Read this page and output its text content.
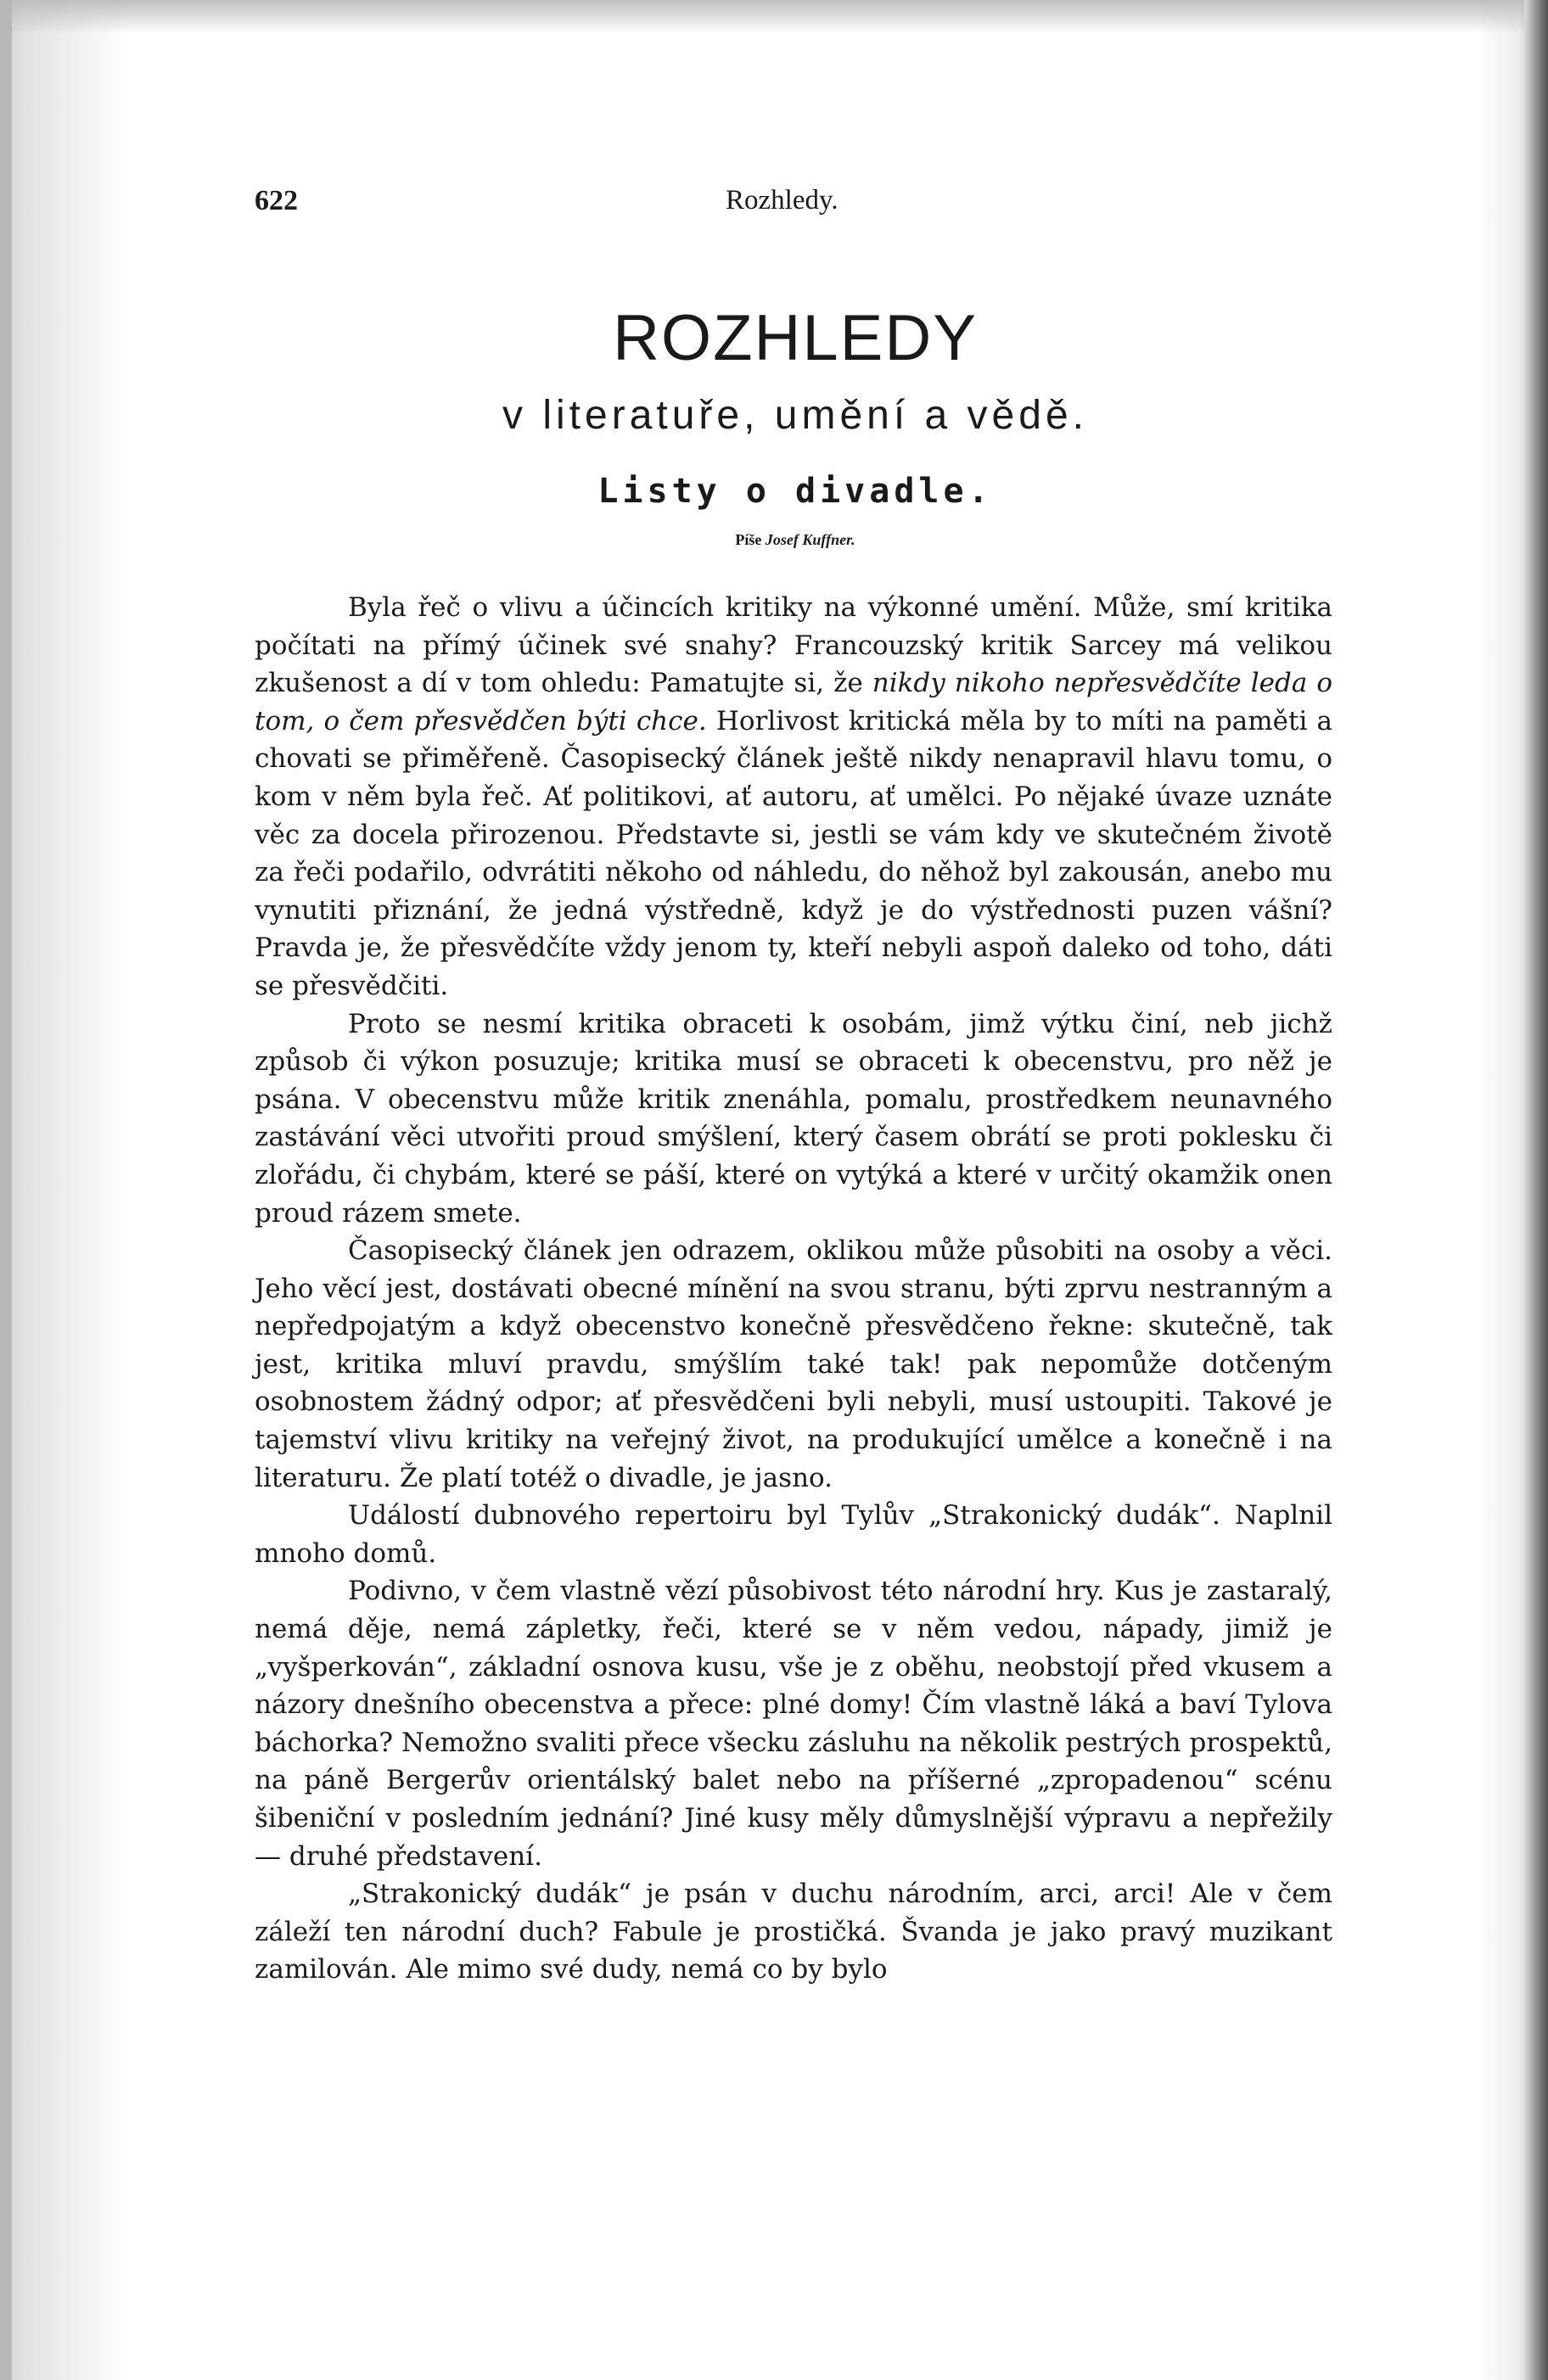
622	Rozhledy.
ROZHLEDY
v literatuře, umění a vědě.
Listy o divadle.
Píše Josef Kuffner.

Byla řeč o vlivu a účincích kritiky na výkonné umění. Může, smí kritika počítati na přímý účinek své snahy? Francouzský kritik Sarcey má velikou zkušenost a dí v tom ohledu: Pamatujte si, že nikdy nikoho nepřesvědčíte leda o tom, o čem přesvědčen býti chce. Horlivost kritická měla by to míti na paměti a chovati se přiměřeně. Časopisecký článek ještě nikdy nenapravil hlavu tomu, o kom v něm byla řeč. Ať politikovi, ať autoru, ať umělci. Po nějaké úvaze uznáte věc za docela přirozenou. Představte si, jestli se vám kdy ve skutečném životě za řeči podařilo, odvrátiti někoho od náhledu, do něhož byl zakousán, anebo mu vynutiti přiznání, že jedná výstředně, když je do výstřednosti puzen vášní? Pravda je, že přesvědčíte vždy jenom ty, kteří nebyli aspoň daleko od toho, dáti se přesvědčiti.

Proto se nesmí kritika obraceti k osobám, jimž výtku činí, neb jichž způsob či výkon posuzuje; kritika musí se obraceti k obecenstvu, pro něž je psána. V obecenstvu může kritik znenáhla, pomalu, prostředkem neunavného zastávání věci utvořiti proud smýšlení, který časem obrátí se proti poklesku či zlořádu, či chybám, které se páší, které on vytýká a které v určitý okamžik onen proud rázem smete.

Časopisecký článek jen odrazem, oklikou může působiti na osoby a věci. Jeho věcí jest, dostávati obecné mínění na svou stranu, býti zprvu nestranným a nepředpojatým a když obecenstvo konečně přesvědčeno řekne: skutečně, tak jest, kritika mluví pravdu, smýšlím také tak! pak nepomůže dotčeným osobnostem žádný odpor; ať přesvědčeni byli nebyli, musí ustoupiti. Takové je tajemství vlivu kritiky na veřejný život, na produkující umělce a konečně i na literaturu. Že platí totéž o divadle, je jasno.

Událostí dubnového repertoiru byl Tylův „Strakonický dudák“. Naplnil mnoho domů.

Podivno, v čem vlastně vězí působivost této národní hry. Kus je zastaralý, nemá děje, nemá zápletky, řeči, které se v něm vedou, nápady, jimiž je „vyšperkován“, základní osnova kusu, vše je z oběhu, neobstojí před vkusem a názory dnešního obecenstva a přece: plné domy! Čím vlastně láká a baví Tylova báchorka? Nemožno svaliti přece všecku zásluhu na několik pestrých prospektů, na páně Bergerův orientálský balet nebo na příšerné „zpropadenou“ scénu šibeniční v posledním jednání? Jiné kusy měly důmyslnější výpravu a nepřežily — druhé představení.

„Strakonický dudák“ je psán v duchu národním, arci, arci! Ale v čem záleží ten národní duch? Fabule je prostičká. Švanda je jako pravý muzikant zamilován. Ale mimo své dudy, nemá co by bylo
